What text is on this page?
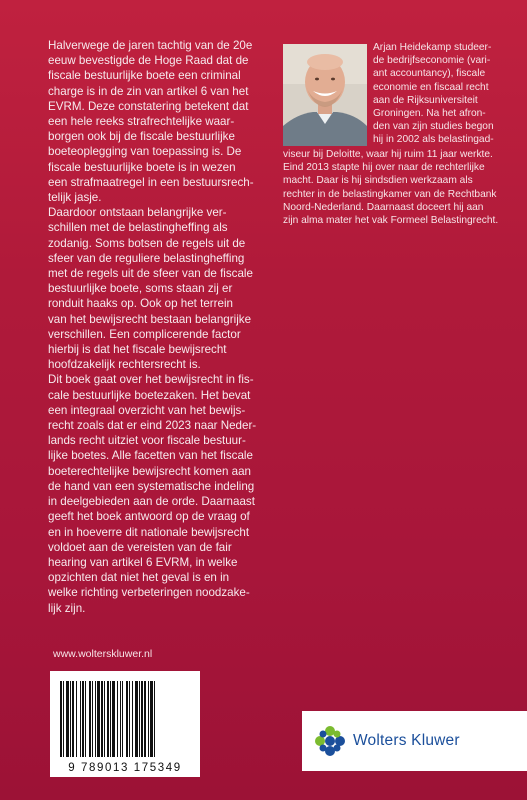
Halverwege de jaren tachtig van de 20e
eeuw bevestigde de Hoge Raad dat de
fiscale bestuurlijke boete een criminal
charge is in de zin van artikel 6 van het
EVRM. Deze constatering betekent dat
een hele reeks strafrechtelijke waar-
borgen ook bij de fiscale bestuurlijke
boeteoplegging van toepassing is. De
fiscale bestuurlijke boete is in wezen
een strafmaatregel in een bestuursrech-
telijk jasje.
Daardoor ontstaan belangrijke ver-
schillen met de belastingheffing als
zodanig. Soms botsen de regels uit de
sfeer van de reguliere belastingheffing
met de regels uit de sfeer van de fiscale
bestuurlijke boete, soms staan zij er
ronduit haaks op. Ook op het terrein
van het bewijsrecht bestaan belangrijke
verschillen. Een complicerende factor
hierbij is dat het fiscale bewijsrecht
hoofdzakelijk rechtersrecht is.
Dit boek gaat over het bewijsrecht in fis-
cale bestuurlijke boetezaken. Het bevat
een integraal overzicht van het bewijs-
recht zoals dat er eind 2023 naar Neder-
lands recht uitziet voor fiscale bestuur-
lijke boetes. Alle facetten van het fiscale
boeterechtelijke bewijsrecht komen aan
de hand van een systematische indeling
in deelgebieden aan de orde. Daarnaast
geeft het boek antwoord op de vraag of
en in hoeverre dit nationale bewijsrecht
voldoet aan de vereisten van de fair
hearing van artikel 6 EVRM, in welke
opzichten dat niet het geval is en in
welke richting verbeteringen noodzake-
lijk zijn.
Arjan Heidekamp studeer-
de bedrijfseconomie (vari-
ant accountancy), fiscale
economie en fiscaal recht
aan de Rijksuniversiteit
Groningen. Na het afron-
den van zijn studies begon
hij in 2002 als belastingad-
viseur bij Deloitte, waar hij ruim 11 jaar werkte.
Eind 2013 stapte hij over naar de rechterlijke
macht. Daar is hij sindsdien werkzaam als
rechter in de belastingkamer van de Rechtbank
Noord-Nederland. Daarnaast doceert hij aan
zijn alma mater het vak Formeel Belastingrecht.
www.wolterskluwer.nl
9 789013 175349
Wolters Kluwer
